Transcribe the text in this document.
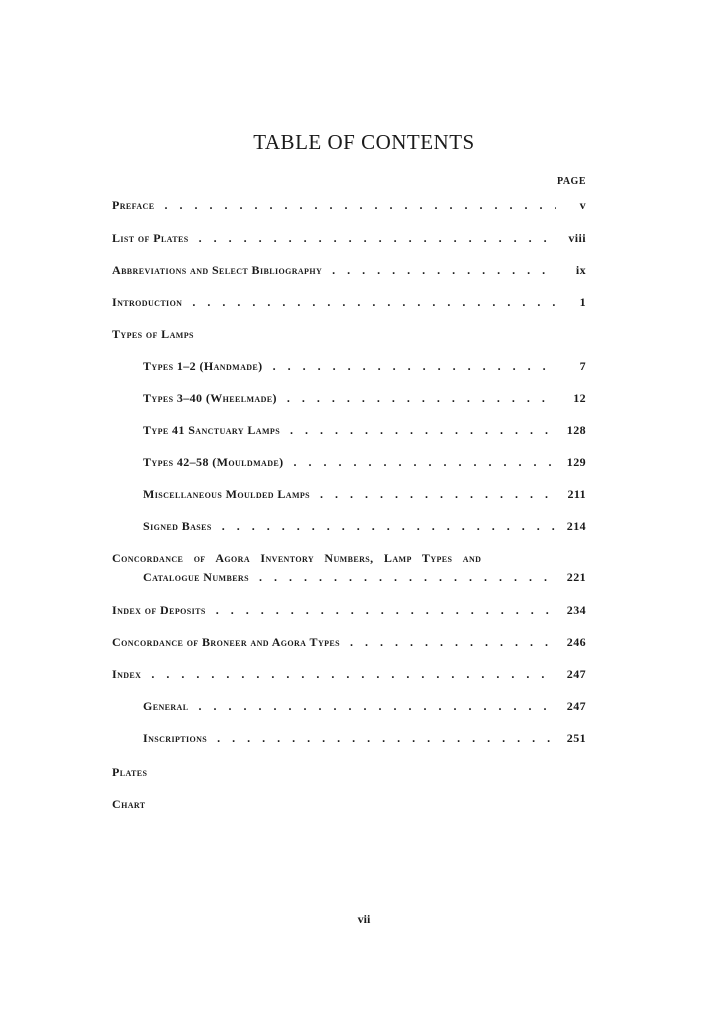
TABLE OF CONTENTS
PAGE
Preface . . .	v
List of Plates . . .	viii
Abbreviations and Select Bibliography . . .	ix
Introduction . . .	1
Types of Lamps
Types 1–2 (Handmade) . . .	7
Types 3–40 (Wheelmade) . . .	12
Type 41 Sanctuary Lamps . . .	128
Types 42–58 (Mouldmade) . . .	129
Miscellaneous Moulded Lamps . . .	211
Signed Bases . . .	214
Concordance of Agora Inventory Numbers, Lamp Types and
Catalogue Numbers . . .	221
Index of Deposits . . .	234
Concordance of Broneer and Agora Types . . .	246
Index . . .	247
General . . .	247
Inscriptions . . .	251
Plates
Chart
vii
